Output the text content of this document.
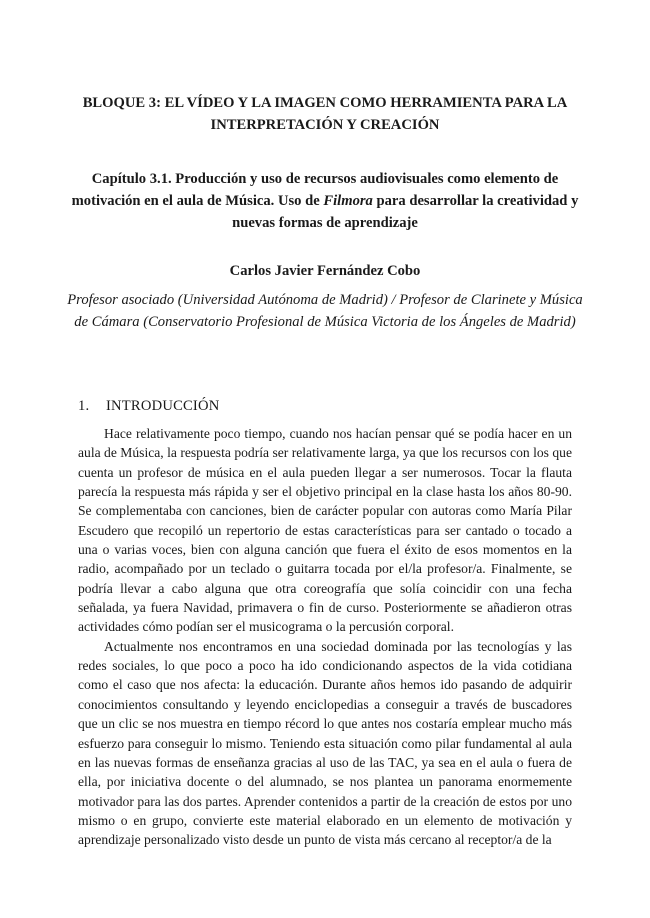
BLOQUE 3: EL VÍDEO Y LA IMAGEN COMO HERRAMIENTA PARA LA
INTERPRETACIÓN Y CREACIÓN
Capítulo 3.1. Producción y uso de recursos audiovisuales como elemento de motivación en el aula de Música. Uso de Filmora para desarrollar la creatividad y nuevas formas de aprendizaje
Carlos Javier Fernández Cobo
Profesor asociado (Universidad Autónoma de Madrid) / Profesor de Clarinete y Música de Cámara (Conservatorio Profesional de Música Victoria de los Ángeles de Madrid)
1. INTRODUCCIÓN

Hace relativamente poco tiempo, cuando nos hacían pensar qué se podía hacer en un aula de Música, la respuesta podría ser relativamente larga, ya que los recursos con los que cuenta un profesor de música en el aula pueden llegar a ser numerosos. Tocar la flauta parecía la respuesta más rápida y ser el objetivo principal en la clase hasta los años 80-90. Se complementaba con canciones, bien de carácter popular con autoras como María Pilar Escudero que recopiló un repertorio de estas características para ser cantado o tocado a una o varias voces, bien con alguna canción que fuera el éxito de esos momentos en la radio, acompañado por un teclado o guitarra tocada por el/la profesor/a. Finalmente, se podría llevar a cabo alguna que otra coreografía que solía coincidir con una fecha señalada, ya fuera Navidad, primavera o fin de curso. Posteriormente se añadieron otras actividades cómo podían ser el musicograma o la percusión corporal.

Actualmente nos encontramos en una sociedad dominada por las tecnologías y las redes sociales, lo que poco a poco ha ido condicionando aspectos de la vida cotidiana como el caso que nos afecta: la educación. Durante años hemos ido pasando de adquirir conocimientos consultando y leyendo enciclopedias a conseguir a través de buscadores que un clic se nos muestra en tiempo récord lo que antes nos costaría emplear mucho más esfuerzo para conseguir lo mismo. Teniendo esta situación como pilar fundamental al aula en las nuevas formas de enseñanza gracias al uso de las TAC, ya sea en el aula o fuera de ella, por iniciativa docente o del alumnado, se nos plantea un panorama enormemente motivador para las dos partes. Aprender contenidos a partir de la creación de estos por uno mismo o en grupo, convierte este material elaborado en un elemento de motivación y aprendizaje personalizado visto desde un punto de vista más cercano al receptor/a de la
